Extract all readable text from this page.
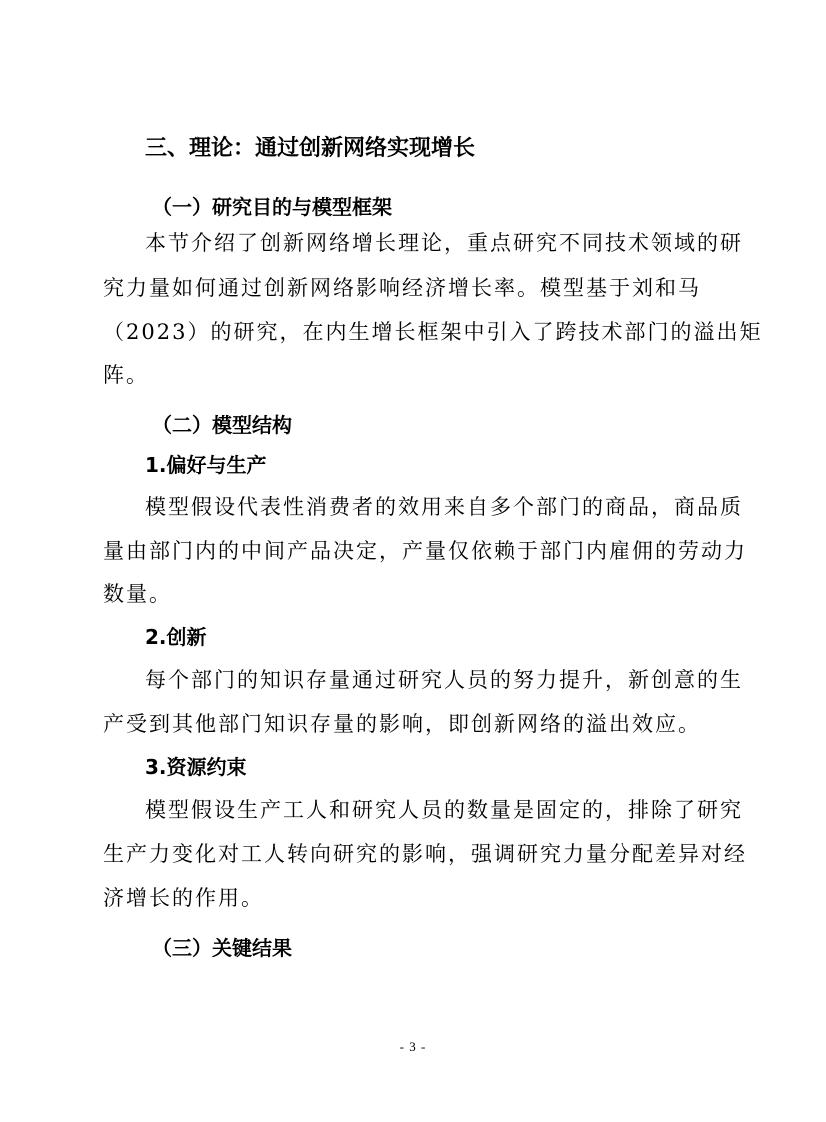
三、理论：通过创新网络实现增长
（一）研究目的与模型框架

本节介绍了创新网络增长理论，重点研究不同技术领域的研

究力量如何通过创新网络影响经济增长率。模型基于刘和马

（2023）的研究，在内生增长框架中引入了跨技术部门的溢出矩

阵。

（二）模型结构
1.偏好与生产

模型假设代表性消费者的效用来自多个部门的商品，商品质

量由部门内的中间产品决定，产量仅依赖于部门内雇佣的劳动力

数量。

2.创新

每个部门的知识存量通过研究人员的努力提升，新创意的生

产受到其他部门知识存量的影响，即创新网络的溢出效应。

3.资源约束

模型假设生产工人和研究人员的数量是固定的，排除了研究

生产力变化对工人转向研究的影响，强调研究力量分配差异对经

济增长的作用。

（三）关键结果
- 3 -
